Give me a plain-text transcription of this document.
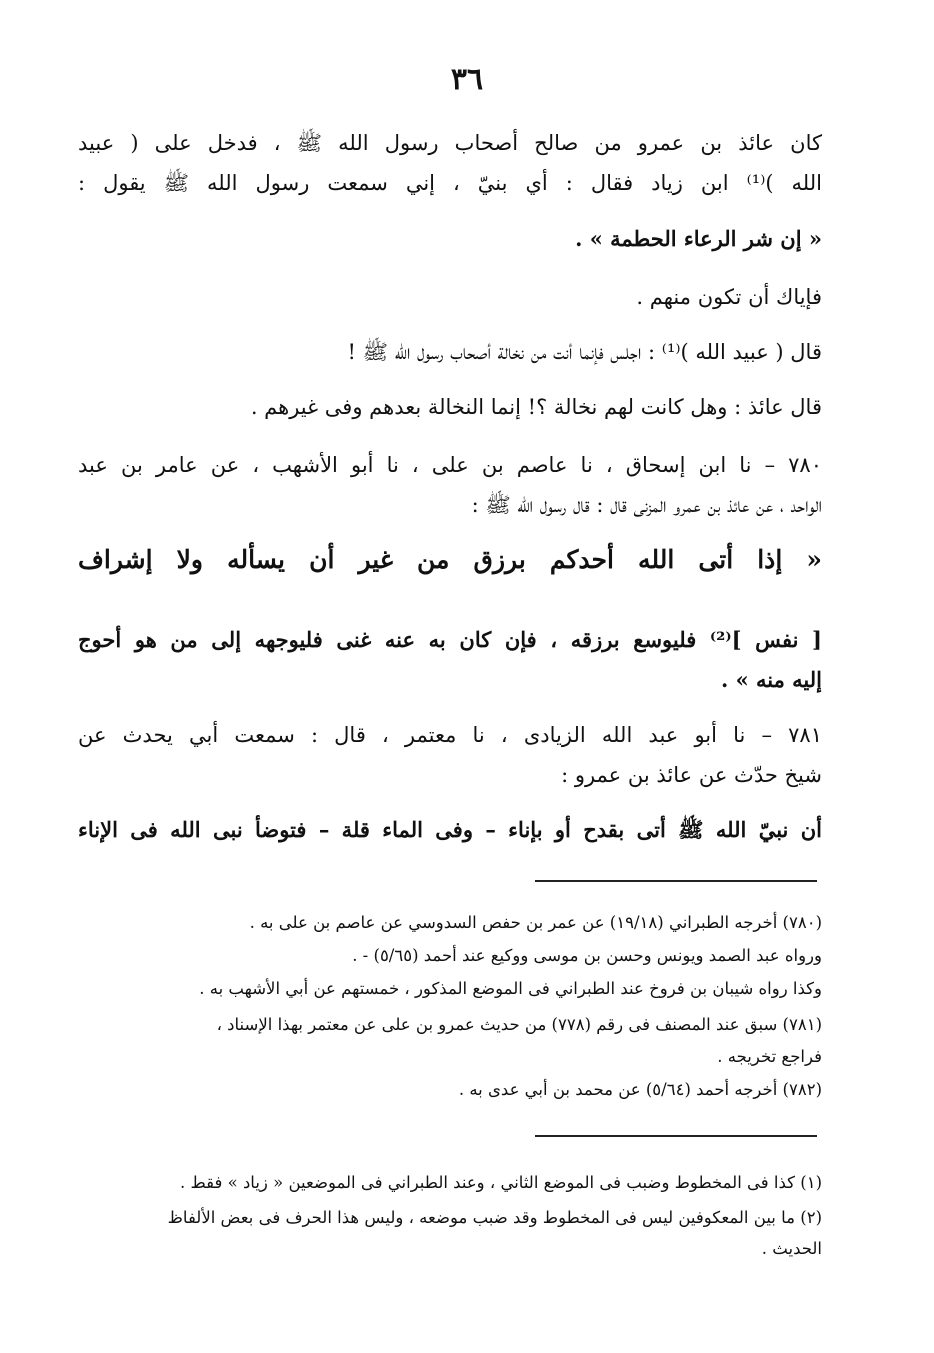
٣٦
كان عائذ بن عمرو من صالح أصحاب رسول الله ﷺ ، فدخل على ( عبيد
الله )⁽¹⁾ ابن زياد فقال : أي بنيّ ، إني سمعت رسول الله ﷺ يقول :
« إن شر الرعاء الحطمة » .
فإياك أن تكون منهم .
قال ( عبيد الله )⁽¹⁾ : اجلس فإنما أنت من نخالة أصحاب رسول الله ﷺ !
قال عائذ : وهل كانت لهم نخالة ؟! إنما النخالة بعدهم وفى غيرهم .
٧٨٠ – نا ابن إسحاق ، نا عاصم بن على ، نا أبو الأشهب ، عن عامر بن عبد
الواحد ، عن عائذ بن عمرو المزنى قال : قال رسول الله ﷺ :
« إذا أتى الله أحدكم برزق من غير أن يسأله ولا إشراف
[ نفس ]⁽²⁾ فليوسع برزقه ، فإن كان به عنه غنى فليوجهه إلى من هو أحوج
إليه منه » .
٧٨١ – نا أبو عبد الله الزيادى ، نا معتمر ، قال : سمعت أبي يحدث عن
شيخ حدّث عن عائذ بن عمرو :
أن نبيّ الله ﷺ أتى بقدح أو بإناء – وفى الماء قلة – فتوضأ نبى الله فى الإناء
(٧٨٠) أخرجه الطبراني (١٩/١٨) عن عمر بن حفص السدوسي عن عاصم بن على به .
ورواه عبد الصمد ويونس وحسن بن موسى ووكيع عند أحمد (٥/٦٥) - .
وكذا رواه شيبان بن فروخ عند الطبراني فى الموضع المذكور ، خمستهم عن أبي الأشهب به .
(٧٨١) سبق عند المصنف فى رقم (٧٧٨) من حديث عمرو بن على عن معتمر بهذا الإسناد ،
فراجع تخريجه .
(٧٨٢) أخرجه أحمد (٥/٦٤) عن محمد بن أبي عدى به .
(١) كذا فى المخطوط وضبب فى الموضع الثاني ، وعند الطبراني فى الموضعين « زياد » فقط .
(٢) ما بين المعكوفين ليس فى المخطوط وقد ضبب موضعه ، وليس هذا الحرف فى بعض الألفاظ
الحديث .
